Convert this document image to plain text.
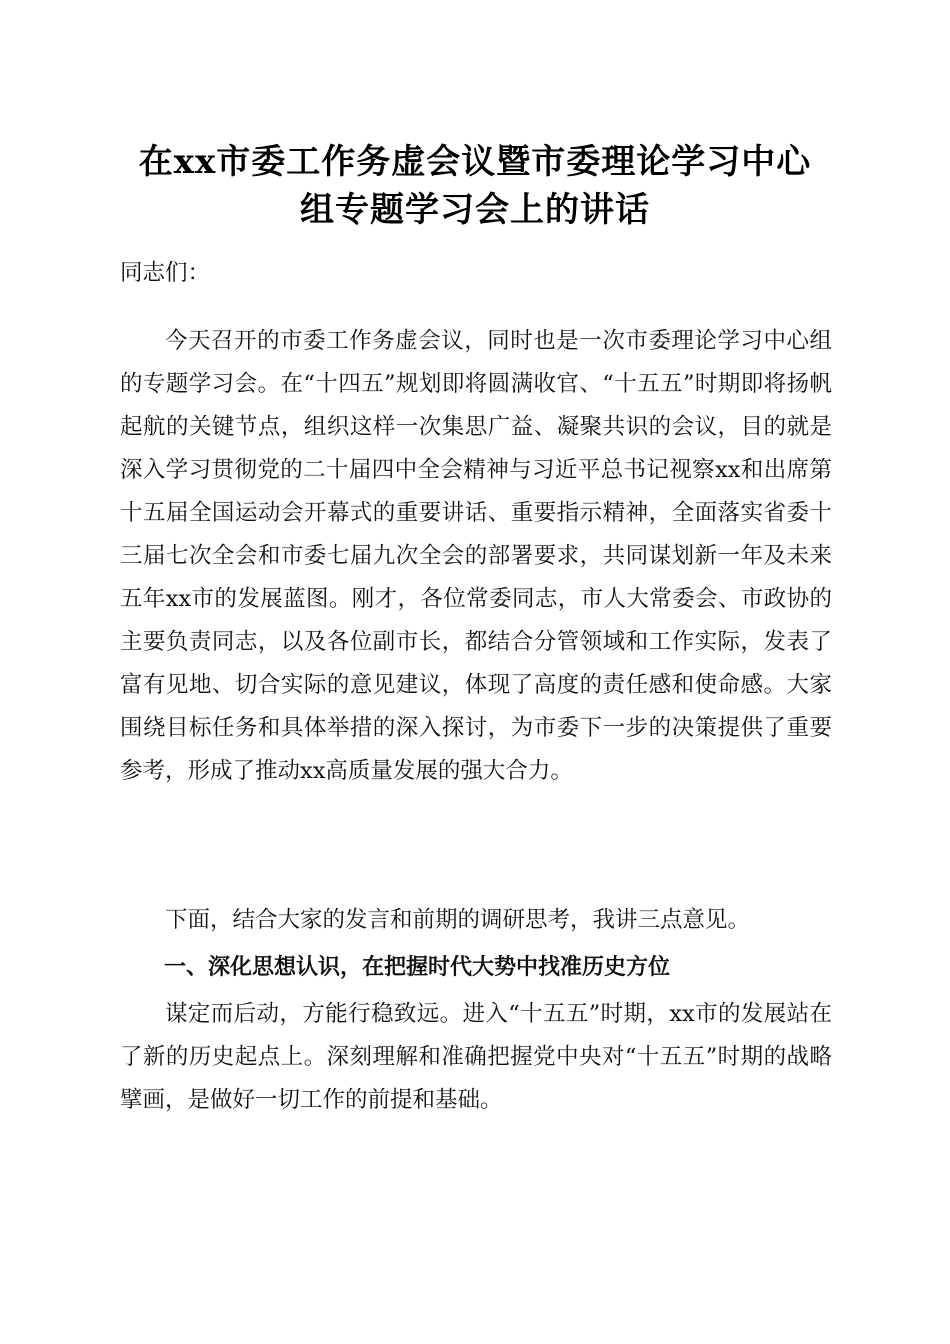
在xx市委工作务虚会议暨市委理论学习中心
组专题学习会上的讲话

同志们：

今天召开的市委工作务虚会议，同时也是一次市委理论学习中心组的专题学习会。在“十四五”规划即将圆满收官、“十五五”时期即将扬帆起航的关键节点，组织这样一次集思广益、凝聚共识的会议，目的就是深入学习贯彻党的二十届四中全会精神与习近平总书记视察xx和出席第十五届全国运动会开幕式的重要讲话、重要指示精神，全面落实省委十三届七次全会和市委七届九次全会的部署要求，共同谋划新一年及未来五年xx市的发展蓝图。刚才，各位常委同志，市人大常委会、市政协的主要负责同志，以及各位副市长，都结合分管领域和工作实际，发表了富有见地、切合实际的意见建议，体现了高度的责任感和使命感。大家围绕目标任务和具体举措的深入探讨，为市委下一步的决策提供了重要参考，形成了推动xx高质量发展的强大合力。

下面，结合大家的发言和前期的调研思考，我讲三点意见。

一、深化思想认识，在把握时代大势中找准历史方位

谋定而后动，方能行稳致远。进入“十五五”时期，xx市的发展站在了新的历史起点上。深刻理解和准确把握党中央对“十五五”时期的战略擘画，是做好一切工作的前提和基础。
